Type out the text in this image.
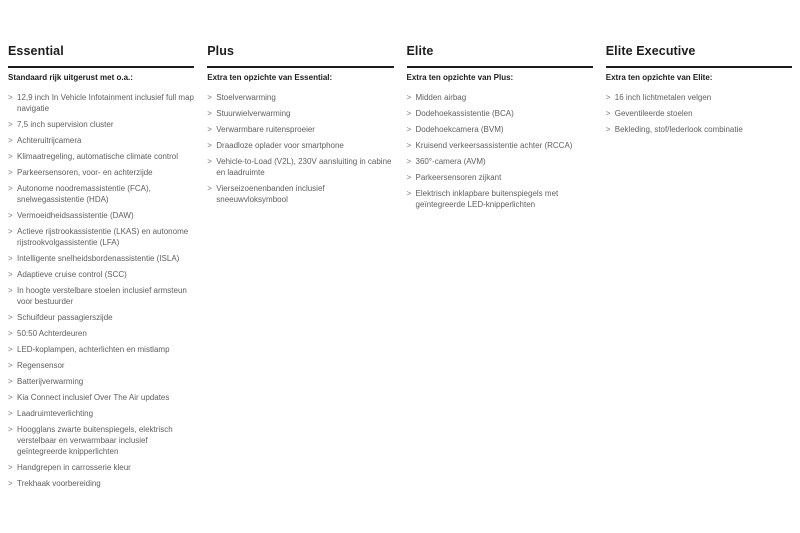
Essential
Standaard rijk uitgerust met o.a.:
> 12,9 inch In Vehicle Infotainment inclusief full map navigatie
> 7,5 inch supervision cluster
> Achteruitrijcamera
> Klimaatregeling, automatische climate control
> Parkeersensoren, voor- en achterzijde
> Autonome noodremassistentie (FCA), snelwegassistentie (HDA)
> Vermoeidheidsassistentie (DAW)
> Actieve rijstrookassistentie (LKAS) en autonome rijstrookvolgassistentie (LFA)
> Intelligente snelheidsbordenassistentie (ISLA)
> Adaptieve cruise control (SCC)
> In hoogte verstelbare stoelen inclusief armsteun voor bestuurder
> Schuifdeur passagierszijde
> 50:50 Achterdeuren
> LED-koplampen, achterlichten en mistlamp
> Regensensor
> Batterijverwarming
> Kia Connect inclusief Over The Air updates
> Laadruimteverlichting
> Hoogglans zwarte buitenspiegels, elektrisch verstelbaar en verwarmbaar inclusief geïntegreerde knipperlichten
> Handgrepen in carrosserie kleur
> Trekhaak voorbereiding
Plus
Extra ten opzichte van Essential:
> Stoelverwarming
> Stuurwielverwarming
> Verwarmbare ruitensproeier
> Draadloze oplader voor smartphone
> Vehicle-to-Load (V2L), 230V aansluiting in cabine en laadruimte
> Vierseizoenenbanden inclusief sneeuwvloksymbool
Elite
Extra ten opzichte van Plus:
> Midden airbag
> Dodehoekassistentie (BCA)
> Dodehoekcamera (BVM)
> Kruisend verkeersassistentie achter (RCCA)
> 360°-camera (AVM)
> Parkeersensoren zijkant
> Elektrisch inklapbare buitenspiegels met geïntegreerde LED-knipperlichten
Elite Executive
Extra ten opzichte van Elite:
> 16 inch lichtmetalen velgen
> Geventileerde stoelen
> Bekleding, stof/lederlook combinatie
